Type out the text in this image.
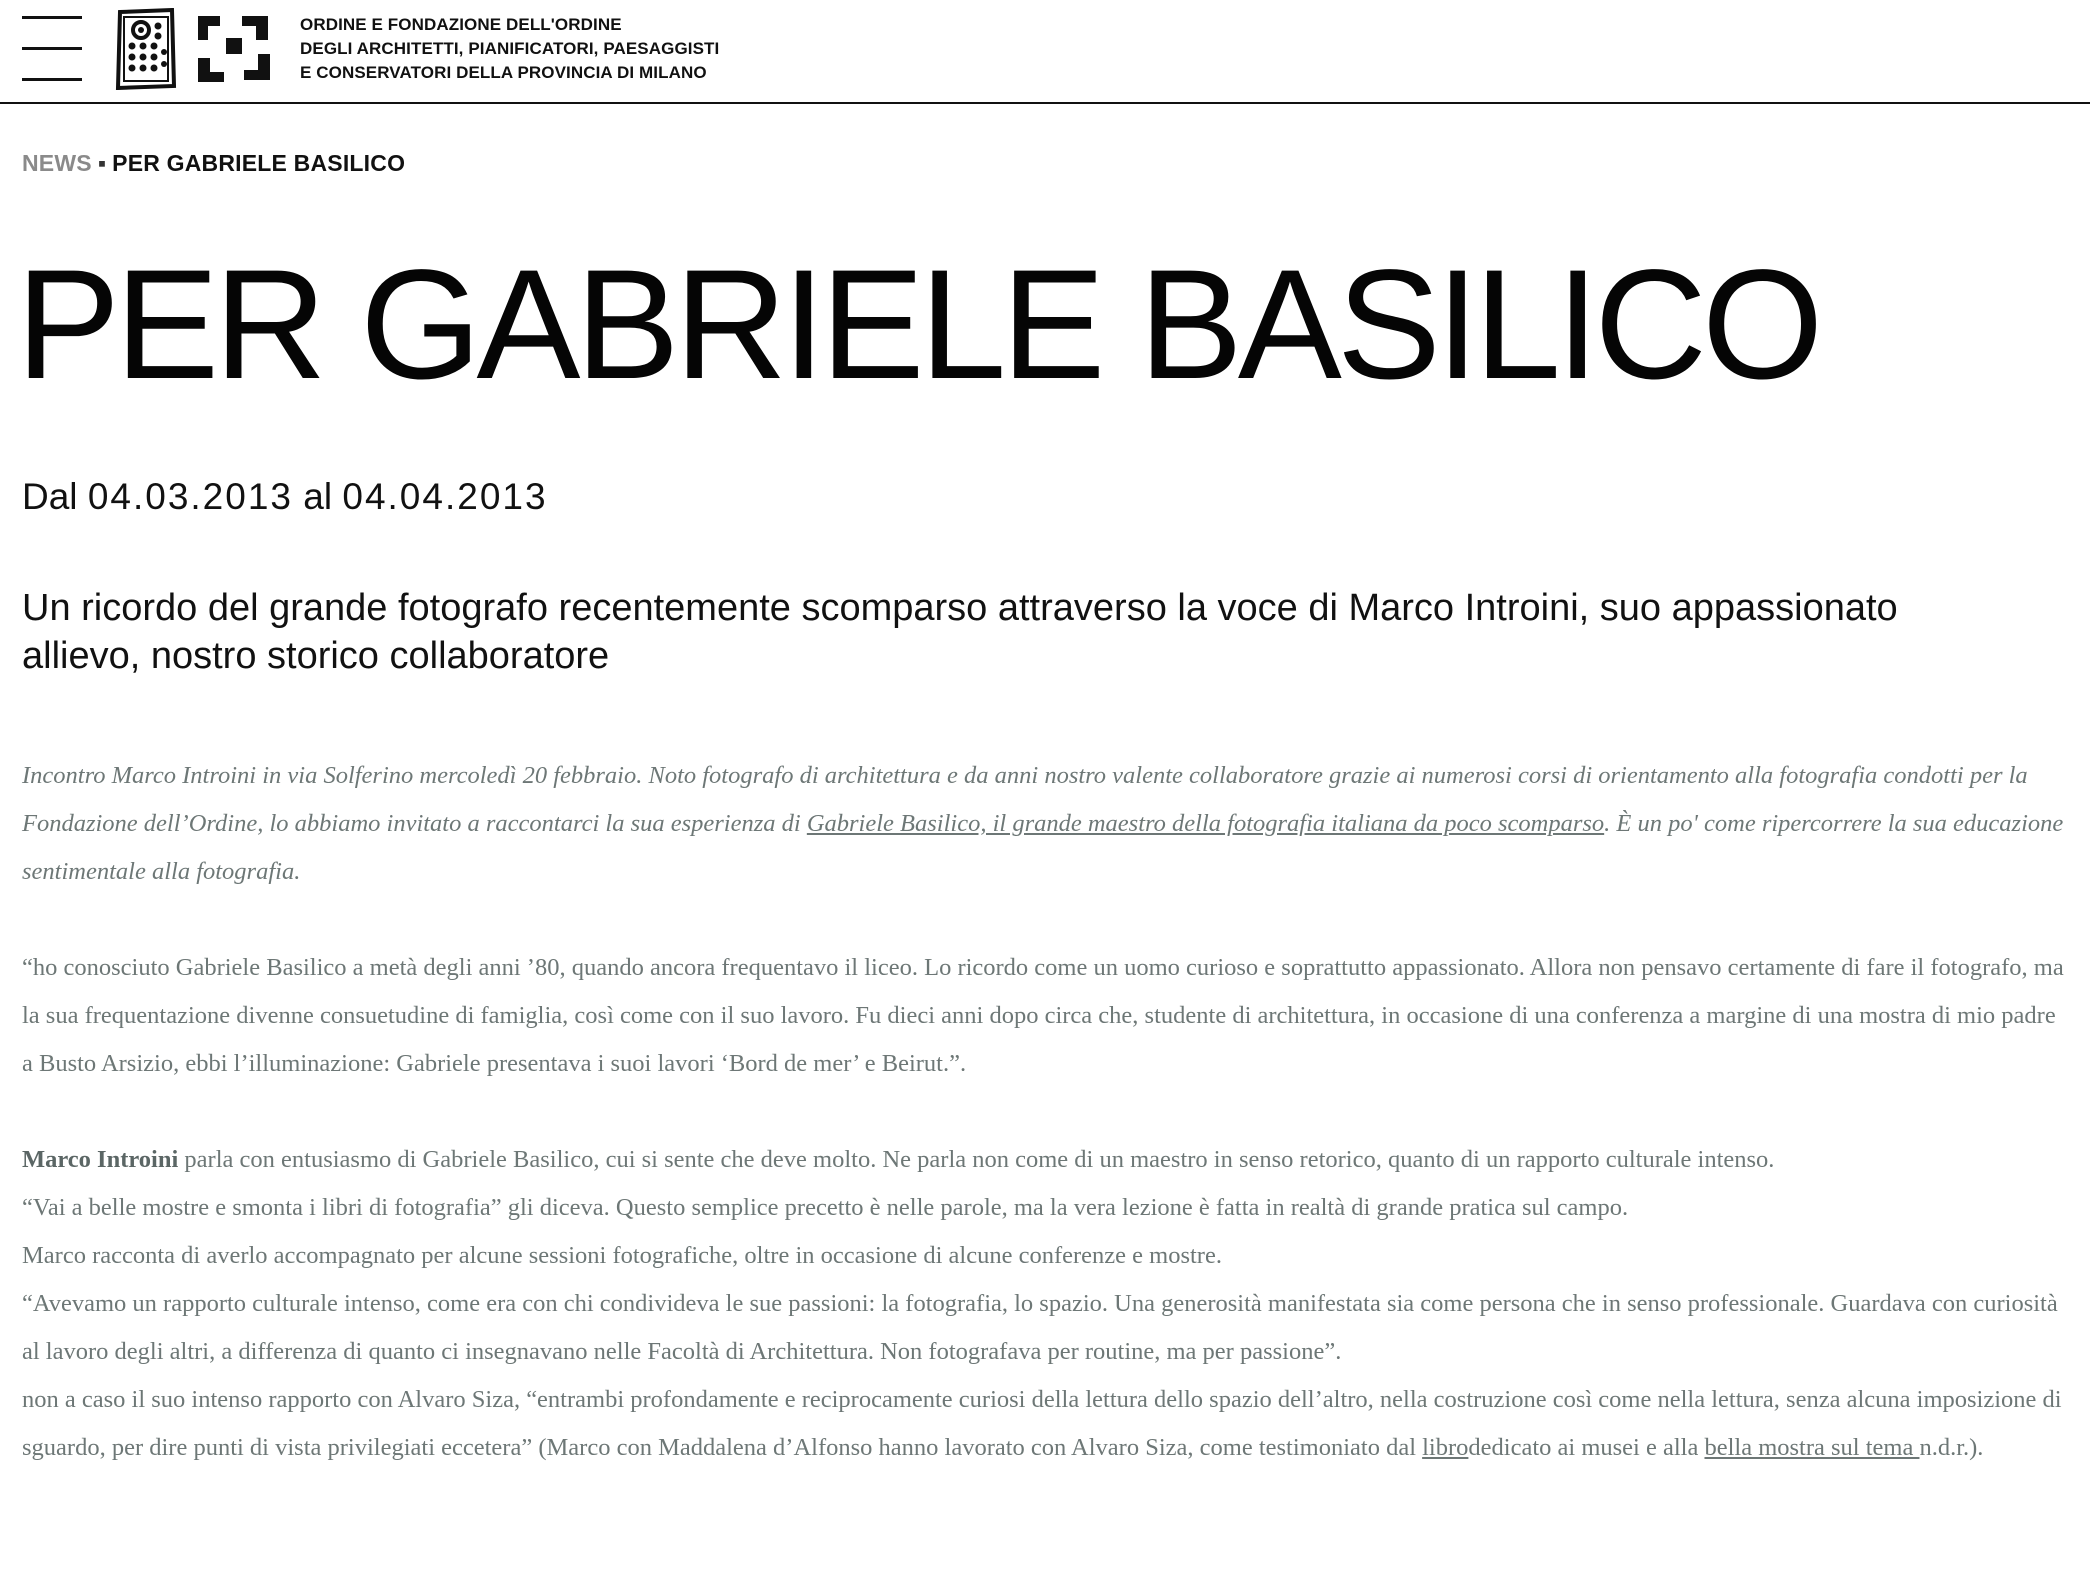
ORDINE E FONDAZIONE DELL'ORDINE
DEGLI ARCHITETTI, PIANIFICATORI, PAESAGGISTI
E CONSERVATORI DELLA PROVINCIA DI MILANO
NEWS ▪ PER GABRIELE BASILICO
PER GABRIELE BASILICO
Dal 04.03.2013 al 04.04.2013
Un ricordo del grande fotografo recentemente scomparso attraverso la voce di Marco Introini, suo appassionato allievo, nostro storico collaboratore

Incontro Marco Introini in via Solferino mercoledì 20 febbraio. Noto fotografo di architettura e da anni nostro valente collaboratore grazie ai numerosi corsi di orientamento alla fotografia condotti per la Fondazione dell’Ordine, lo abbiamo invitato a raccontarci la sua esperienza di Gabriele Basilico, il grande maestro della fotografia italiana da poco scomparso. È un po' come ripercorrere la sua educazione sentimentale alla fotografia.

“ho conosciuto Gabriele Basilico a metà degli anni ’80, quando ancora frequentavo il liceo. Lo ricordo come un uomo curioso e soprattutto appassionato. Allora non pensavo certamente di fare il fotografo, ma la sua frequentazione divenne consuetudine di famiglia, così come con il suo lavoro. Fu dieci anni dopo circa che, studente di architettura, in occasione di una conferenza a margine di una mostra di mio padre a Busto Arsizio, ebbi l’illuminazione: Gabriele presentava i suoi lavori ‘Bord de mer’ e Beirut.”.

Marco Introini parla con entusiasmo di Gabriele Basilico, cui si sente che deve molto. Ne parla non come di un maestro in senso retorico, quanto di un rapporto culturale intenso.

“Vai a belle mostre e smonta i libri di fotografia” gli diceva. Questo semplice precetto è nelle parole, ma la vera lezione è fatta in realtà di grande pratica sul campo.

Marco racconta di averlo accompagnato per alcune sessioni fotografiche, oltre in occasione di alcune conferenze e mostre.

“Avevamo un rapporto culturale intenso, come era con chi condivideva le sue passioni: la fotografia, lo spazio. Una generosità manifestata sia come persona che in senso professionale. Guardava con curiosità al lavoro degli altri, a differenza di quanto ci insegnavano nelle Facoltà di Architettura. Non fotografava per routine, ma per passione”.

non a caso il suo intenso rapporto con Alvaro Siza, “entrambi profondamente e reciprocamente curiosi della lettura dello spazio dell’altro, nella costruzione così come nella lettura, senza alcuna imposizione di sguardo, per dire punti di vista privilegiati eccetera” (Marco con Maddalena d’Alfonso hanno lavorato con Alvaro Siza, come testimoniato dal librodedicato ai musei e alla bella mostra sul tema n.d.r.).
